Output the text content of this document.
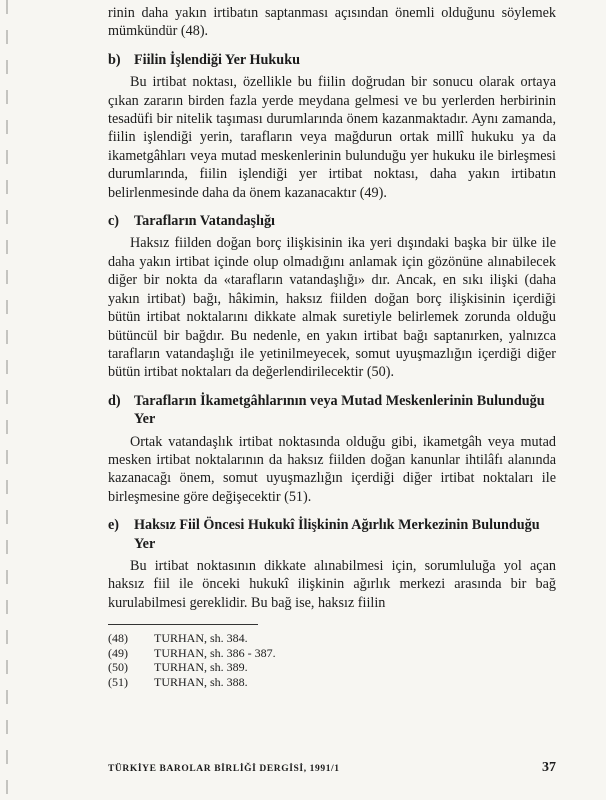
rinin daha yakın irtibatın saptanması açısından önemli olduğunu söylemek mümkündür (48).

b) Fiilin İşlendiği Yer Hukuku

Bu irtibat noktası, özellikle bu fiilin doğrudan bir sonucu olarak ortaya çıkan zararın birden fazla yerde meydana gelmesi ve bu yerlerden herbirinin tesadüfi bir nitelik taşıması durumlarında önem kazanmaktadır. Aynı zamanda, fiilin işlendiği yerin, tarafların veya mağdurun ortak millî hukuku ya da ikametgâhları veya mutad meskenlerinin bulunduğu yer hukuku ile birleşmesi durumlarında, fiilin işlendiği yer irtibat noktası, daha yakın irtibatın belirlenmesinde daha da önem kazanacaktır (49).

c)	Tarafların Vatandaşlığı

Haksız fiilden doğan borç ilişkisinin ika yeri dışındaki başka bir ülke ile daha yakın irtibat içinde olup olmadığını anlamak için gözönüne alınabilecek diğer bir nokta da «tarafların vatandaşlığı» dır. Ancak, en sıkı ilişki (daha yakın irtibat) bağı, hâkimin, haksız fiilden doğan borç ilişkisinin içerdiği bütün irtibat noktalarını dikkate almak suretiyle belirlemek zorunda olduğu bütüncül bir bağdır. Bu nedenle, en yakın irtibat bağı saptanırken, yalnızca tarafların vatandaşlığı ile yetinilmeyecek, somut uyuşmazlığın içerdiği diğer bütün irtibat noktaları da değerlendirilecektir (50).

d) Tarafların İkametgâhlarının veya Mutad Meskenlerinin Bulunduğu Yer

Ortak vatandaşlık irtibat noktasında olduğu gibi, ikametgâh veya mutad mesken irtibat noktalarının da haksız fiilden doğan kanunlar ihtilâfı alanında kazanacağı önem, somut uyuşmazlığın içerdiği diğer irtibat noktaları ile birleşmesine göre değişecektir (51).

e)	Haksız Fiil Öncesi Hukukî İlişkinin Ağırlık Merkezinin Bulunduğu Yer

Bu irtibat noktasının dikkate alınabilmesi için, sorumluluğa yol açan haksız fiil ile önceki hukukî ilişkinin ağırlık merkezi arasında bir bağ kurulabilmesi gereklidir. Bu bağ ise, haksız fiilin

(48)	TURHAN, sh. 384.
(49)	TURHAN, sh. 386 - 387.
(50)	TURHAN, sh. 389.
(51)	TURHAN, sh. 388.
TÜRKİYE BAROLAR BİRLİĞİ DERGİSİ, 1991/1	37
